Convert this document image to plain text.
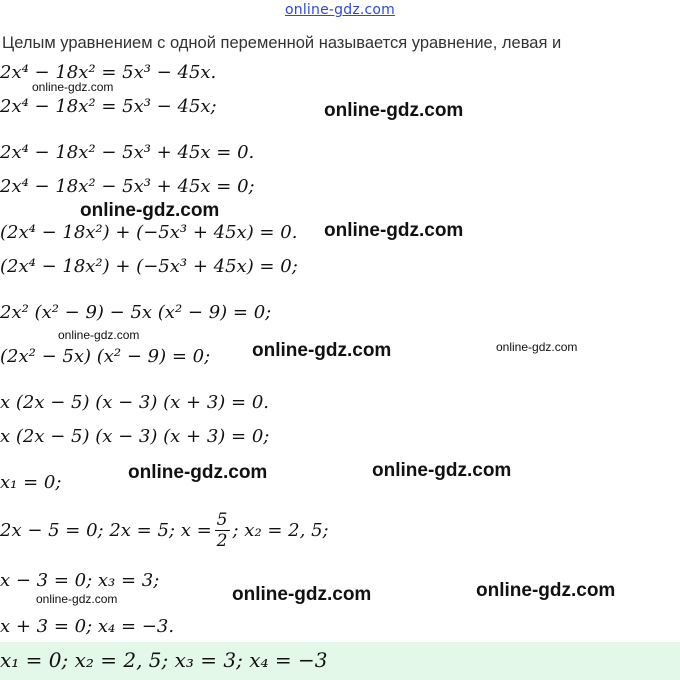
online-gdz.com
Целым уравнением с одной переменной называется уравнение, левая и
2x⁴ − 18x² = 5x³ − 45x.
online-gdz.com
2x⁴ − 18x² = 5x³ − 45x;	online-gdz.com
2x⁴ − 18x² − 5x³ + 45x = 0.
2x⁴ − 18x² − 5x³ + 45x = 0;
online-gdz.com
(2x⁴ − 18x²) + (−5x³ + 45x) = 0. online-gdz.com
(2x⁴ − 18x²) + (−5x³ + 45x) = 0;
2x² (x² − 9) − 5x (x² − 9) = 0;
online-gdz.com
(2x² − 5x) (x² − 9) = 0; online-gdz.com	online-gdz.com
x (2x − 5) (x − 3) (x + 3) = 0.
x (2x − 5) (x − 3) (x + 3) = 0;
x₁ = 0;	online-gdz.com	online-gdz.com
2x − 5 = 0; 2x = 5; $x = \frac{5}{2}$ ; x₂ = 2, 5;
x − 3 = 0; x₃ = 3;
online-gdz.com	online-gdz.com	online-gdz.com
x + 3 = 0; x₄ = −3.
x₁ = 0; x₂ = 2, 5; x₃ = 3; x₄ = −3
